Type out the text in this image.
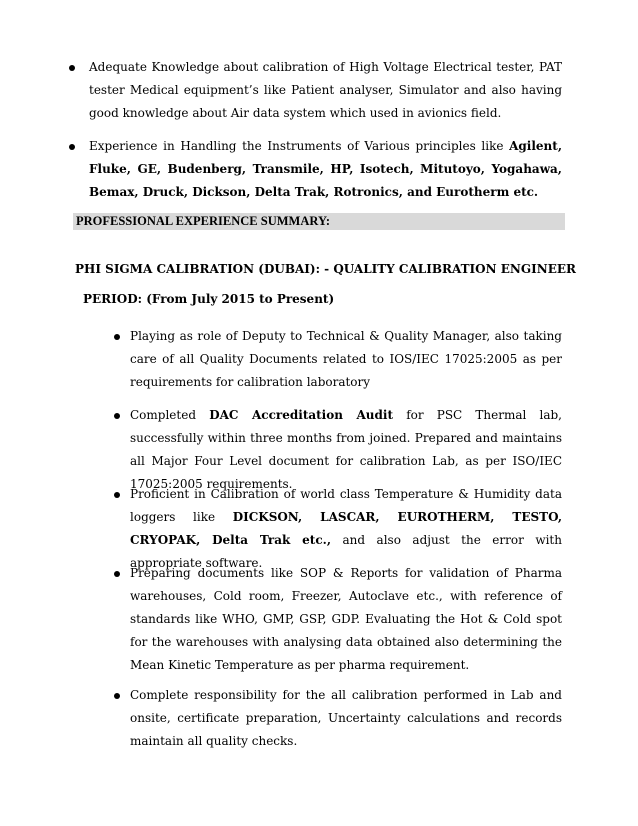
Adequate Knowledge about calibration of High Voltage Electrical tester, PAT tester Medical equipment’s like Patient analyser, Simulator and also having good knowledge about Air data system which used in avionics field.

Experience in Handling the Instruments of Various principles like Agilent, Fluke, GE, Budenberg, Transmile, HP, Isotech, Mitutoyo, Yogahawa, Bemax, Druck, Dickson, Delta Trak, Rotronics, and Eurotherm etc.

PROFESSIONAL EXPERIENCE SUMMARY:
PHI SIGMA CALIBRATION (DUBAI): - QUALITY CALIBRATION ENGINEER
PERIOD: (From July 2015 to Present)

Playing as role of Deputy to Technical & Quality Manager, also taking care of all Quality Documents related to IOS/IEC 17025:2005 as per requirements for calibration laboratory

Completed DAC Accreditation Audit for PSC Thermal lab, successfully within three months from joined. Prepared and maintains all Major Four Level document for calibration Lab, as per ISO/IEC 17025:2005 requirements.

Proficient in Calibration of world class Temperature & Humidity data loggers like DICKSON, LASCAR, EUROTHERM, TESTO, CRYOPAK, Delta Trak etc., and also adjust the error with appropriate software.

Preparing documents like SOP & Reports for validation of Pharma warehouses, Cold room, Freezer, Autoclave etc., with reference of standards like WHO, GMP, GSP, GDP. Evaluating the Hot & Cold spot for the warehouses with analysing data obtained also determining the Mean Kinetic Temperature as per pharma requirement.

Complete responsibility for the all calibration performed in Lab and onsite, certificate preparation, Uncertainty calculations and records maintain all quality checks.
